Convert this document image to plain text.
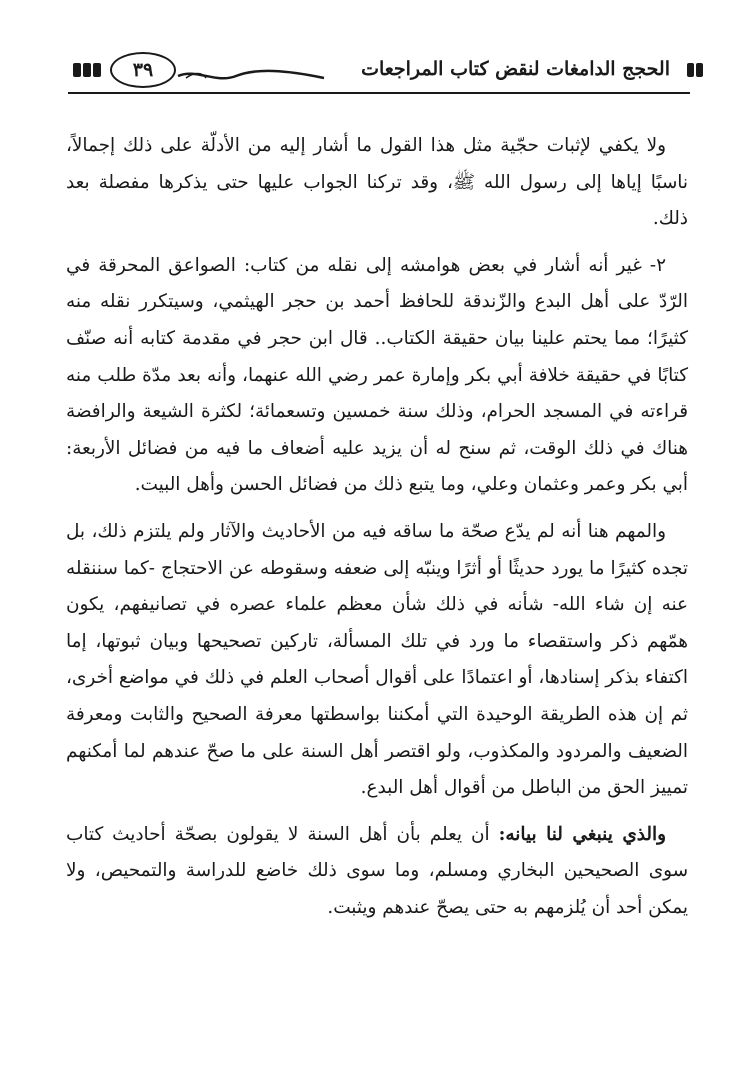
٣٩	الحجج الدامغات لنقض كتاب المراجعات

ولا يكفي لإثبات حجّية مثل هذا القول ما أشار إليه من الأدلّة على ذلك إجمالاً، ناسبًا إياها إلى رسول الله ﷺ، وقد تركنا الجواب عليها حتى يذكرها مفصلة بعد ذلك.

٢- غير أنه أشار في بعض هوامشه إلى نقله من كتاب: الصواعق المحرقة في الرّدّ على أهل البدع والزّندقة للحافظ أحمد بن حجر الهيثمي، وسيتكرر نقله منه كثيرًا؛ مما يحتم علينا بيان حقيقة الكتاب.. قال ابن حجر في مقدمة كتابه أنه صنّف كتابًا في حقيقة خلافة أبي بكر وإمارة عمر رضي الله عنهما، وأنه بعد مدّة طلب منه قراءته في المسجد الحرام، وذلك سنة خمسين وتسعمائة؛ لكثرة الشيعة والرافضة هناك في ذلك الوقت، ثم سنح له أن يزيد عليه أضعاف ما فيه من فضائل الأربعة: أبي بكر وعمر وعثمان وعلي، وما يتبع ذلك من فضائل الحسن وأهل البيت.

والمهم هنا أنه لم يدّع صحّة ما ساقه فيه من الأحاديث والآثار ولم يلتزم ذلك، بل تجده كثيرًا ما يورد حديثًا أو أثرًا وينبّه إلى ضعفه وسقوطه عن الاحتجاج -كما سننقله عنه إن شاء الله- شأنه في ذلك شأن معظم علماء عصره في تصانيفهم، يكون همّهم ذكر واستقصاء ما ورد في تلك المسألة، تاركين تصحيحها وبيان ثبوتها، إما اكتفاء بذكر إسنادها، أو اعتمادًا على أقوال أصحاب العلم في ذلك في مواضع أخرى، ثم إن هذه الطريقة الوحيدة التي أمكننا بواسطتها معرفة الصحيح والثابت ومعرفة الضعيف والمردود والمكذوب، ولو اقتصر أهل السنة على ما صحّ عندهم لما أمكنهم تمييز الحق من الباطل من أقوال أهل البدع.

والذي ينبغي لنا بيانه: أن يعلم بأن أهل السنة لا يقولون بصحّة أحاديث كتاب سوى الصحيحين البخاري ومسلم، وما سوى ذلك خاضع للدراسة والتمحيص، ولا يمكن أحد أن يُلزمهم به حتى يصحّ عندهم ويثبت.
